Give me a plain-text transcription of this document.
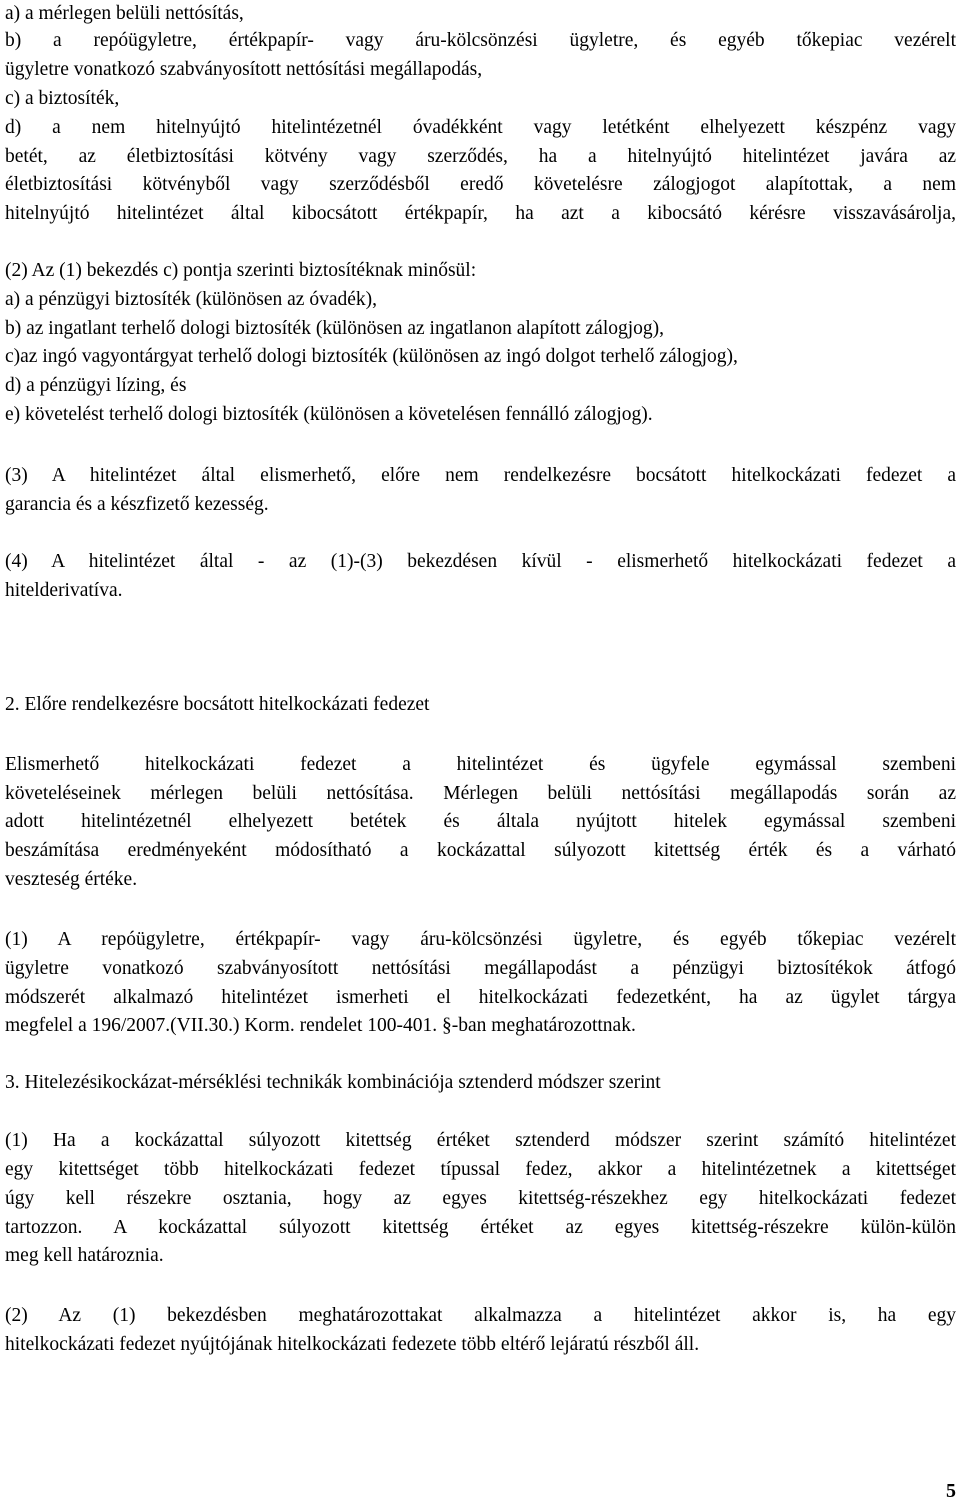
a) a mérlegen belüli nettósítás,
b) a repóügyletre, értékpapír- vagy áru-kölcsönzési ügyletre, és egyéb tőkepiac vezérelt
ügyletre vonatkozó szabványosított nettósítási megállapodás,
c) a biztosíték,
d) a nem hitelnyújtó hitelintézetnél óvadékként vagy letétként elhelyezett készpénz vagy
betét, az életbiztosítási kötvény vagy szerződés, ha a hitelnyújtó hitelintézet javára az
életbiztosítási kötvényből vagy szerződésből eredő követelésre zálogjogot alapítottak, a nem
hitelnyújtó hitelintézet által kibocsátott értékpapír, ha azt a kibocsátó kérésre visszavásárolja,
(2) Az (1) bekezdés c) pontja szerinti biztosítéknak minősül:
a) a pénzügyi biztosíték (különösen az óvadék),
b) az ingatlant terhelő dologi biztosíték (különösen az ingatlanon alapított zálogjog),
c)az ingó vagyontárgyat terhelő dologi biztosíték (különösen az ingó dolgot terhelő zálogjog),
d) a pénzügyi lízing, és
e) követelést terhelő dologi biztosíték (különösen a követelésen fennálló zálogjog).
(3) A hitelintézet által elismerhető, előre nem rendelkezésre bocsátott hitelkockázati fedezet a
garancia és a készfizető kezesség.
(4) A hitelintézet által - az (1)-(3) bekezdésen kívül - elismerhető hitelkockázati fedezet a
hitelderivatíva.
2. Előre rendelkezésre bocsátott hitelkockázati fedezet
Elismerhető hitelkockázati fedezet a hitelintézet és ügyfele egymással szembeni
követeléseinek mérlegen belüli nettósítása. Mérlegen belüli nettósítási megállapodás során az
adott hitelintézetnél elhelyezett betétek és általa nyújtott hitelek egymással szembeni
beszámítása eredményeként módosítható a kockázattal súlyozott kitettség érték és a várható
veszteség értéke.
(1) A repóügyletre, értékpapír- vagy áru-kölcsönzési ügyletre, és egyéb tőkepiac vezérelt
ügyletre vonatkozó szabványosított nettósítási megállapodást a pénzügyi biztosítékok átfogó
módszerét alkalmazó hitelintézet ismerheti el hitelkockázati fedezetként, ha az ügylet tárgya
megfelel a 196/2007.(VII.30.) Korm. rendelet 100-401. §-ban meghatározottnak.
3. Hitelezésikockázat-mérséklési technikák kombinációja sztenderd módszer szerint
(1) Ha a kockázattal súlyozott kitettség értéket sztenderd módszer szerint számító hitelintézet
egy kitettséget több hitelkockázati fedezet típussal fedez, akkor a hitelintézetnek a kitettséget
úgy kell részekre osztania, hogy az egyes kitettség-részekhez egy hitelkockázati fedezet
tartozzon. A kockázattal súlyozott kitettség értéket az egyes kitettség-részekre külön-külön
meg kell határoznia.
(2) Az (1) bekezdésben meghatározottakat alkalmazza a hitelintézet akkor is, ha egy
hitelkockázati fedezet nyújtójának hitelkockázati fedezete több eltérő lejáratú részből áll.
5
